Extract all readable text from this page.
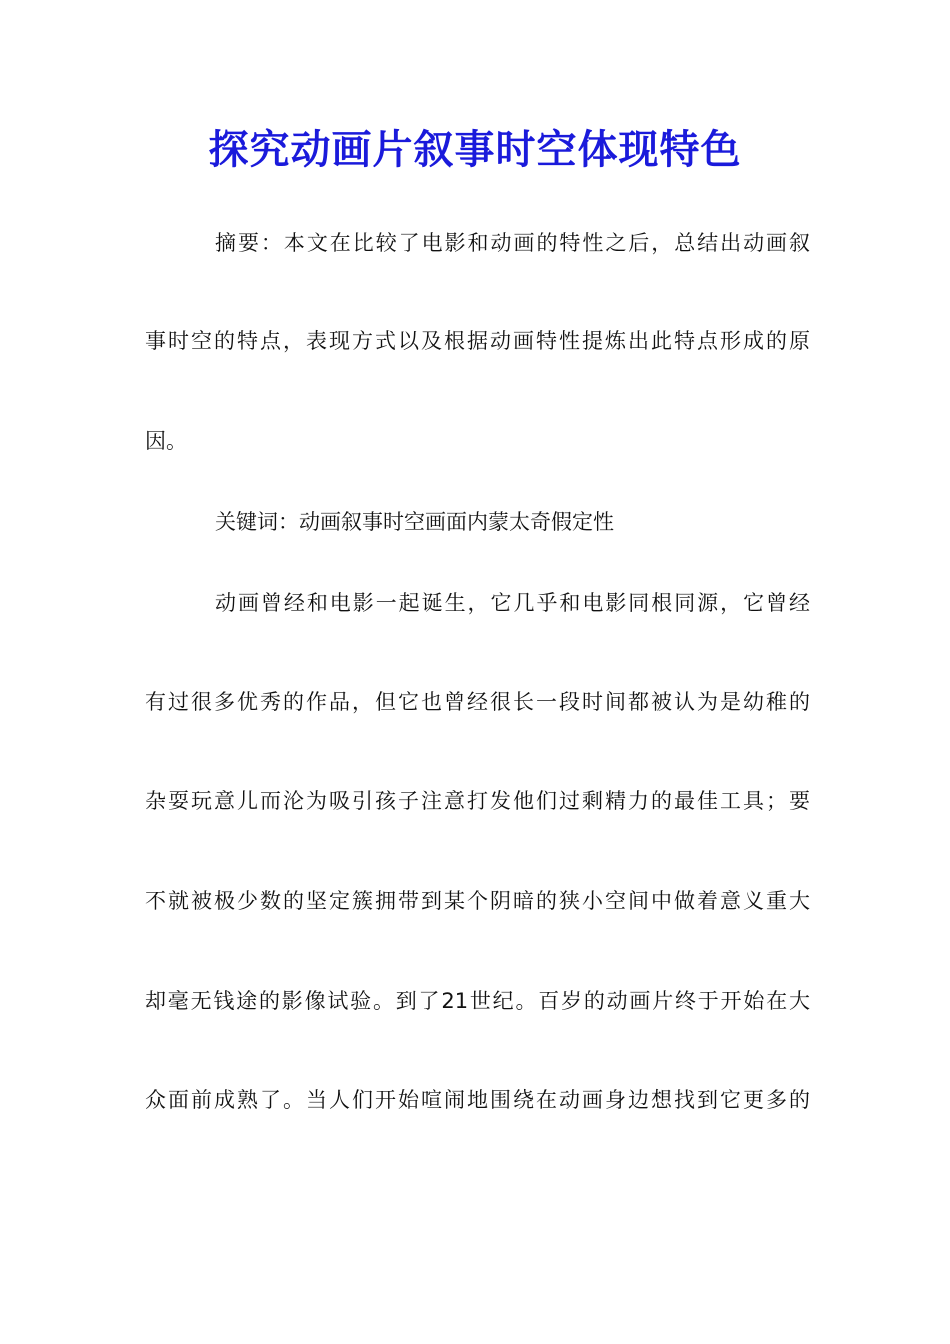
探究动画片叙事时空体现特色
摘要：本文在比较了电影和动画的特性之后，总结出动画叙
事时空的特点，表现方式以及根据动画特性提炼出此特点形成的原
因。
关键词：动画叙事时空画面内蒙太奇假定性
动画曾经和电影一起诞生，它几乎和电影同根同源，它曾经
有过很多优秀的作品，但它也曾经很长一段时间都被认为是幼稚的
杂耍玩意儿而沦为吸引孩子注意打发他们过剩精力的最佳工具；要
不就被极少数的坚定簇拥带到某个阴暗的狭小空间中做着意义重大
却毫无钱途的影像试验。到了21世纪。百岁的动画片终于开始在大
众面前成熟了。当人们开始喧闹地围绕在动画身边想找到它更多的
